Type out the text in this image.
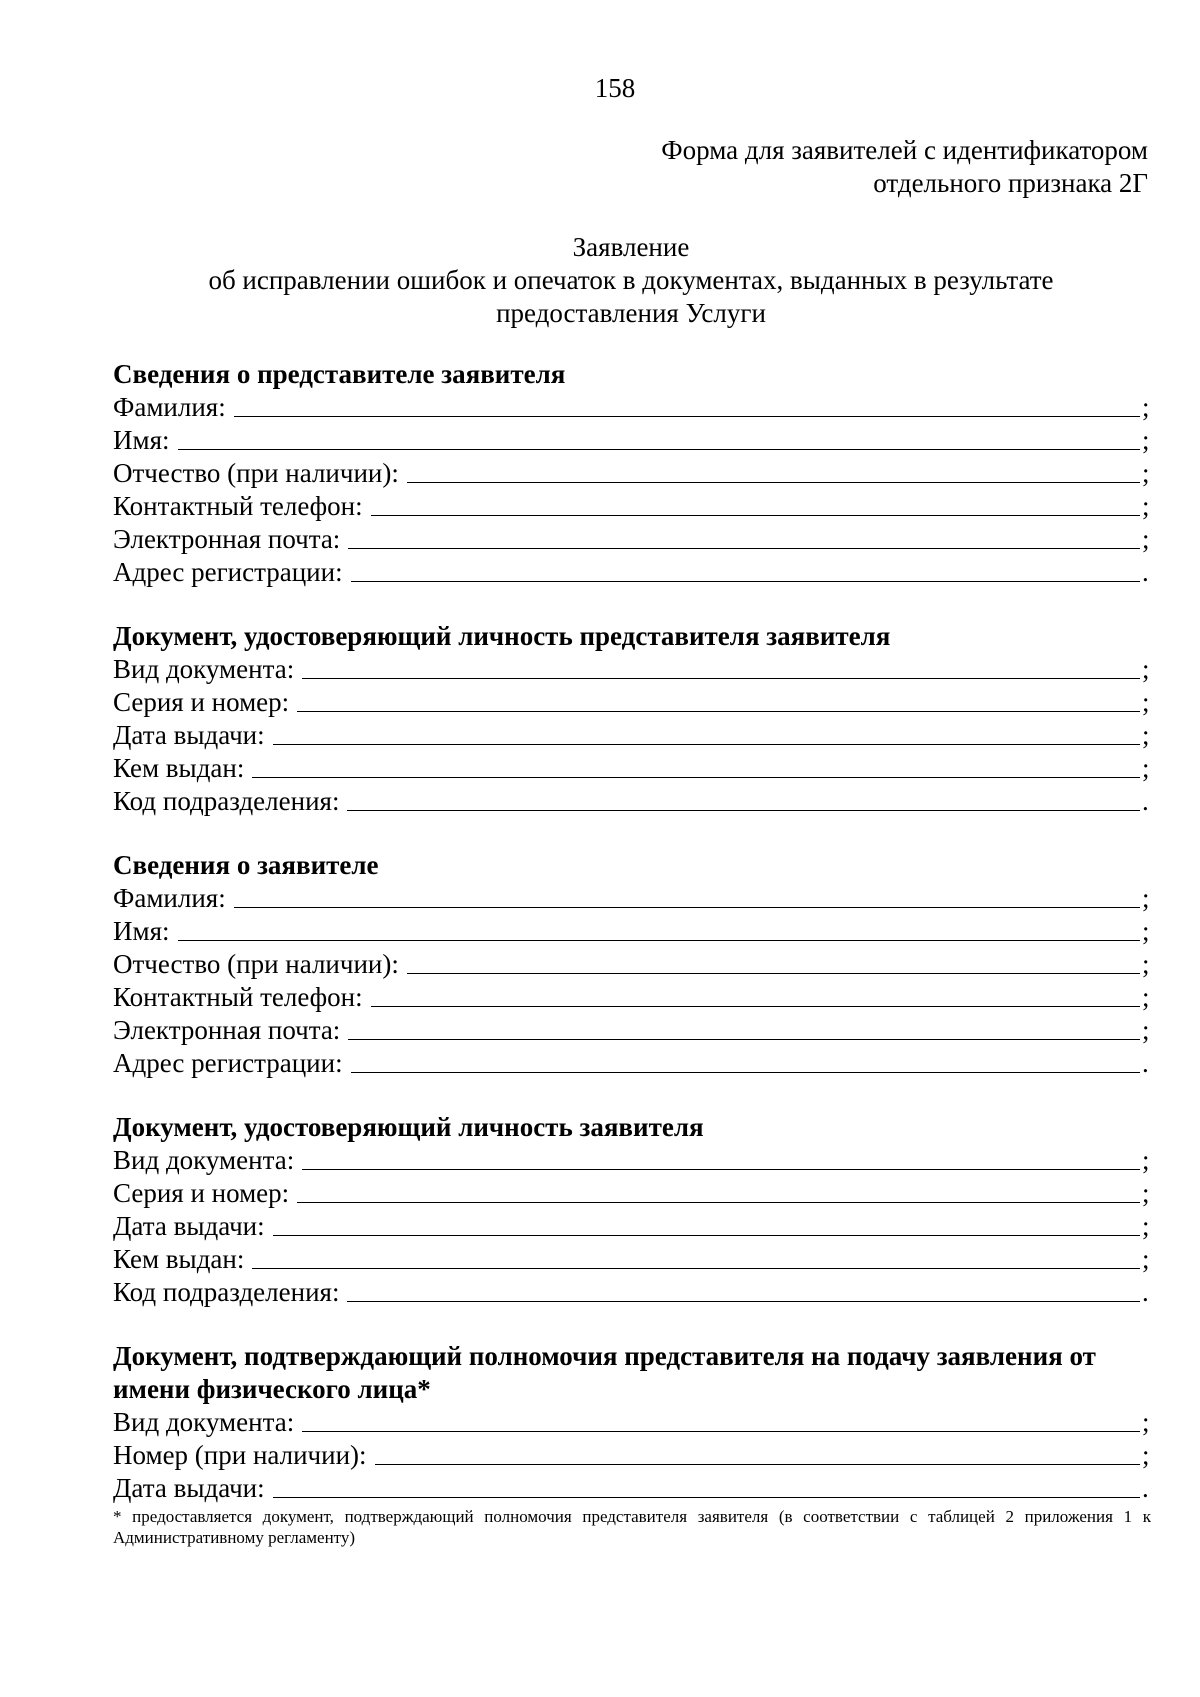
158
Форма для заявителей с идентификатором
отдельного признака 2Г
Заявление
об исправлении ошибок и опечаток в документах, выданных в результате
предоставления Услуги
Сведения о представителе заявителя
Фамилия:	;
Имя:	;
Отчество (при наличии):	;
Контактный телефон:	;
Электронная почта:	;
Адрес регистрации:	.
Документ, удостоверяющий личность представителя заявителя
Вид документа:	;
Серия и номер:	;
Дата выдачи:	;
Кем выдан:	;
Код подразделения:	.
Сведения о заявителе
Фамилия:	;
Имя:	;
Отчество (при наличии):	;
Контактный телефон:	;
Электронная почта:	;
Адрес регистрации:	.
Документ, удостоверяющий личность заявителя
Вид документа:	;
Серия и номер:	;
Дата выдачи:	;
Кем выдан:	;
Код подразделения:	.
Документ, подтверждающий полномочия представителя на подачу заявления от имени физического лица*
Вид документа:	;
Номер (при наличии):	;
Дата выдачи:	.
* предоставляется документ, подтверждающий полномочия представителя заявителя (в соответствии с таблицей 2 приложения 1 к Административному регламенту)
